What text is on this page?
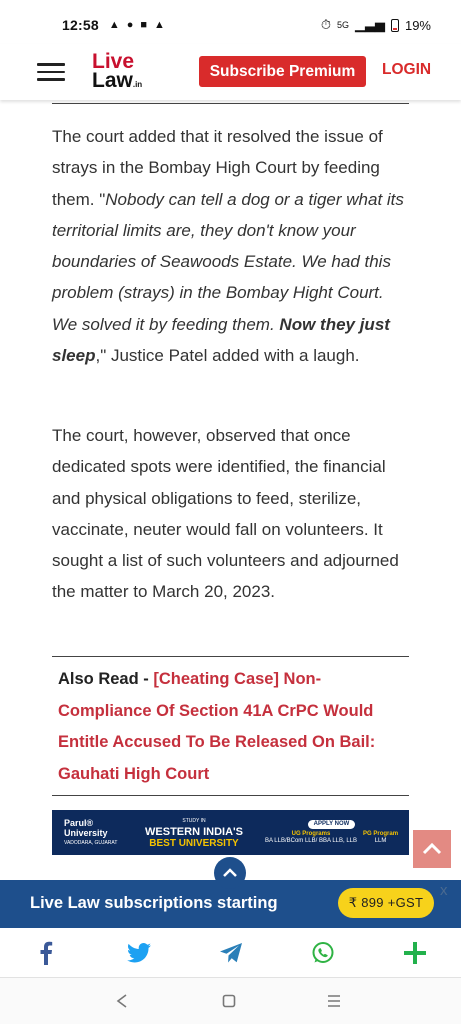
12:58 ▲ ● ■ ▲	⏱ 5G ▁▃▅ 19%
Live
Law.in
Subscribe Premium	LOGIN

The court added that it resolved the issue of strays in the Bombay High Court by feeding them. "Nobody can tell a dog or a tiger what its territorial limits are, they don't know your boundaries of Seawoods Estate. We had this problem (strays) in the Bombay Hight Court. We solved it by feeding them. Now they just sleep," Justice Patel added with a laugh.

The court, however, observed that once dedicated spots were identified, the financial and physical obligations to feed, sterilize, vaccinate, neuter would fall on volunteers. It sought a list of such volunteers and adjourned the matter to March 20, 2023.

Also Read - [Cheating Case] Non-Compliance Of Section 41A CrPC Would Entitle Accused To Be Released On Bail: Gauhati High Court
Parul® University
VADODARA, GUJARAT
STUDY IN
WESTERN INDIA'S
BEST UNIVERSITY
APPLY NOW
UG Programs
BA LLB/BCom LLB/ BBA LLB, LLB
PG Program
LLM
Live Law subscriptions starting	₹ 899 +GST
x
